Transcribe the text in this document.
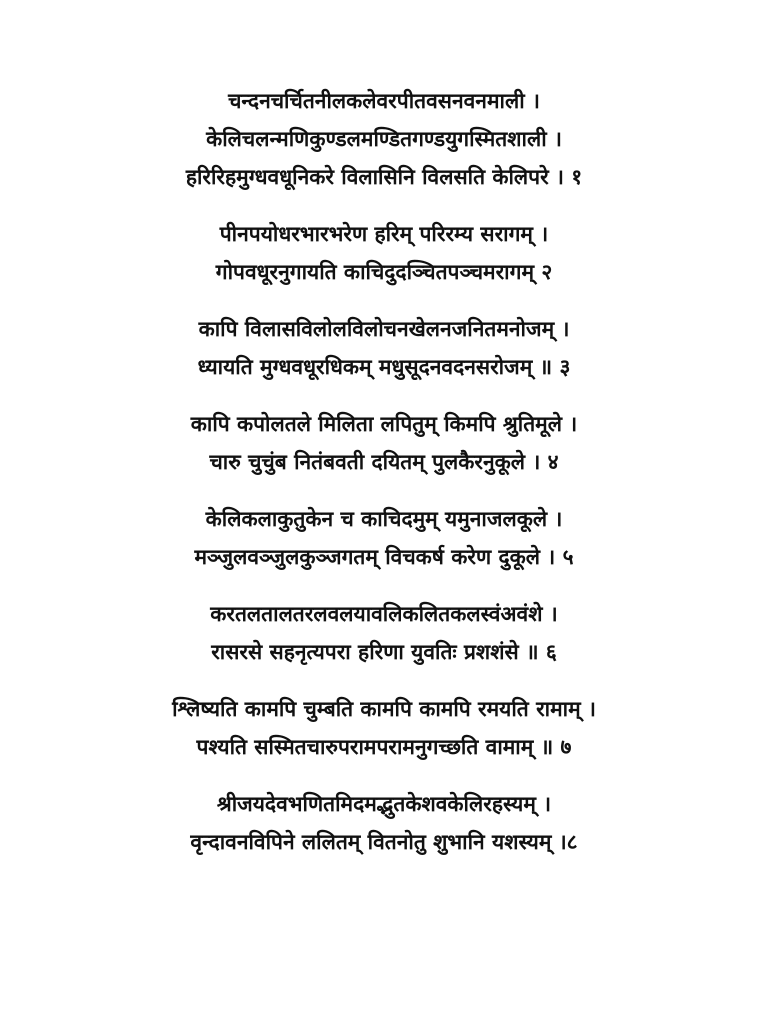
चन्दनचर्चितनीलकलेवरपीतवसनवनमाली ।
केलिचलन्मणिकुण्डलमण्डितगण्डयुगस्मितशाली ।
हरिरिहमुग्धवधूनिकरे विलासिनि विलसति केलिपरे । १
पीनपयोधरभारभरेण हरिम् परिरम्य सरागम् ।
गोपवधूरनुगायति काचिदुदञ्चितपञ्चमरागम् २
कापि विलासविलोलविलोचनखेलनजनितमनोजम् ।
ध्यायति मुग्धवधूरधिकम् मधुसूदनवदनसरोजम् ॥ ३
कापि कपोलतले मिलिता लपितुम् किमपि श्रुतिमूले ।
चारु चुचुंब नितंबवती दयितम् पुलकैरनुकूले । ४
केलिकलाकुतुकेन च काचिदमुम् यमुनाजलकूले ।
मञ्जुलवञ्जुलकुञ्जगतम् विचकर्ष करेण दुकूले । ५
करतलतालतरलवलयावलिकलितकलस्वंअवंशे ।
रासरसे सहनृत्यपरा हरिणा युवतिः प्रशशंसे ॥ ६
श्लिष्यति कामपि चुम्बति कामपि कामपि रमयति रामाम् ।
पश्यति सस्मितचारुपरामपरामनुगच्छति वामाम् ॥ ७
श्रीजयदेवभणितमिदमद्भुतकेशवकेलिरहस्यम् ।
वृन्दावनविपिने ललितम् वितनोतु शुभानि यशस्यम् ।८
